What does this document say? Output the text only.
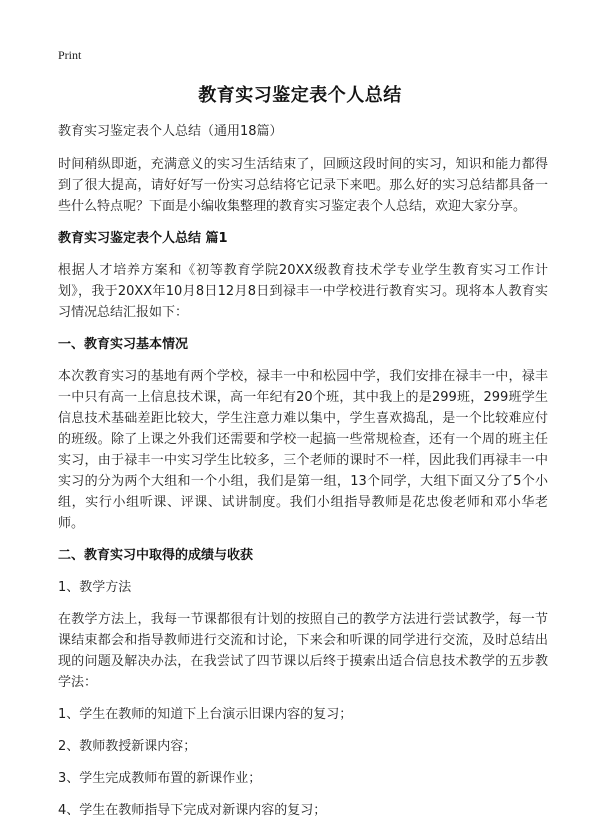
Print
教育实习鉴定表个人总结

教育实习鉴定表个人总结（通用18篇）

时间稍纵即逝，充满意义的实习生活结束了，回顾这段时间的实习，知识和能力都得到了很大提高，请好好写一份实习总结将它记录下来吧。那么好的实习总结都具备一些什么特点呢？下面是小编收集整理的教育实习鉴定表个人总结，欢迎大家分享。

教育实习鉴定表个人总结 篇1

根据人才培养方案和《初等教育学院20XX级教育技术学专业学生教育实习工作计划》，我于20XX年10月8日12月8日到禄丰一中学校进行教育实习。现将本人教育实习情况总结汇报如下：

一、教育实习基本情况

本次教育实习的基地有两个学校，禄丰一中和松园中学，我们安排在禄丰一中，禄丰一中只有高一上信息技术课，高一年纪有20个班，其中我上的是299班，299班学生信息技术基础差距比较大，学生注意力难以集中，学生喜欢捣乱，是一个比较难应付的班级。除了上课之外我们还需要和学校一起搞一些常规检查，还有一个周的班主任实习，由于禄丰一中实习学生比较多，三个老师的课时不一样，因此我们再禄丰一中实习的分为两个大组和一个小组，我们是第一组，13个同学，大组下面又分了5个小组，实行小组听课、评课、试讲制度。我们小组指导教师是花忠俊老师和邓小华老师。

二、教育实习中取得的成绩与收获

1、教学方法

在教学方法上，我每一节课都很有计划的按照自己的教学方法进行尝试教学，每一节课结束都会和指导教师进行交流和讨论，下来会和听课的同学进行交流，及时总结出现的问题及解决办法，在我尝试了四节课以后终于摸索出适合信息技术教学的五步教学法：

1、学生在教师的知道下上台演示旧课内容的复习；

2、教师教授新课内容；

3、学生完成教师布置的新课作业；

4、学生在教师指导下完成对新课内容的复习；
